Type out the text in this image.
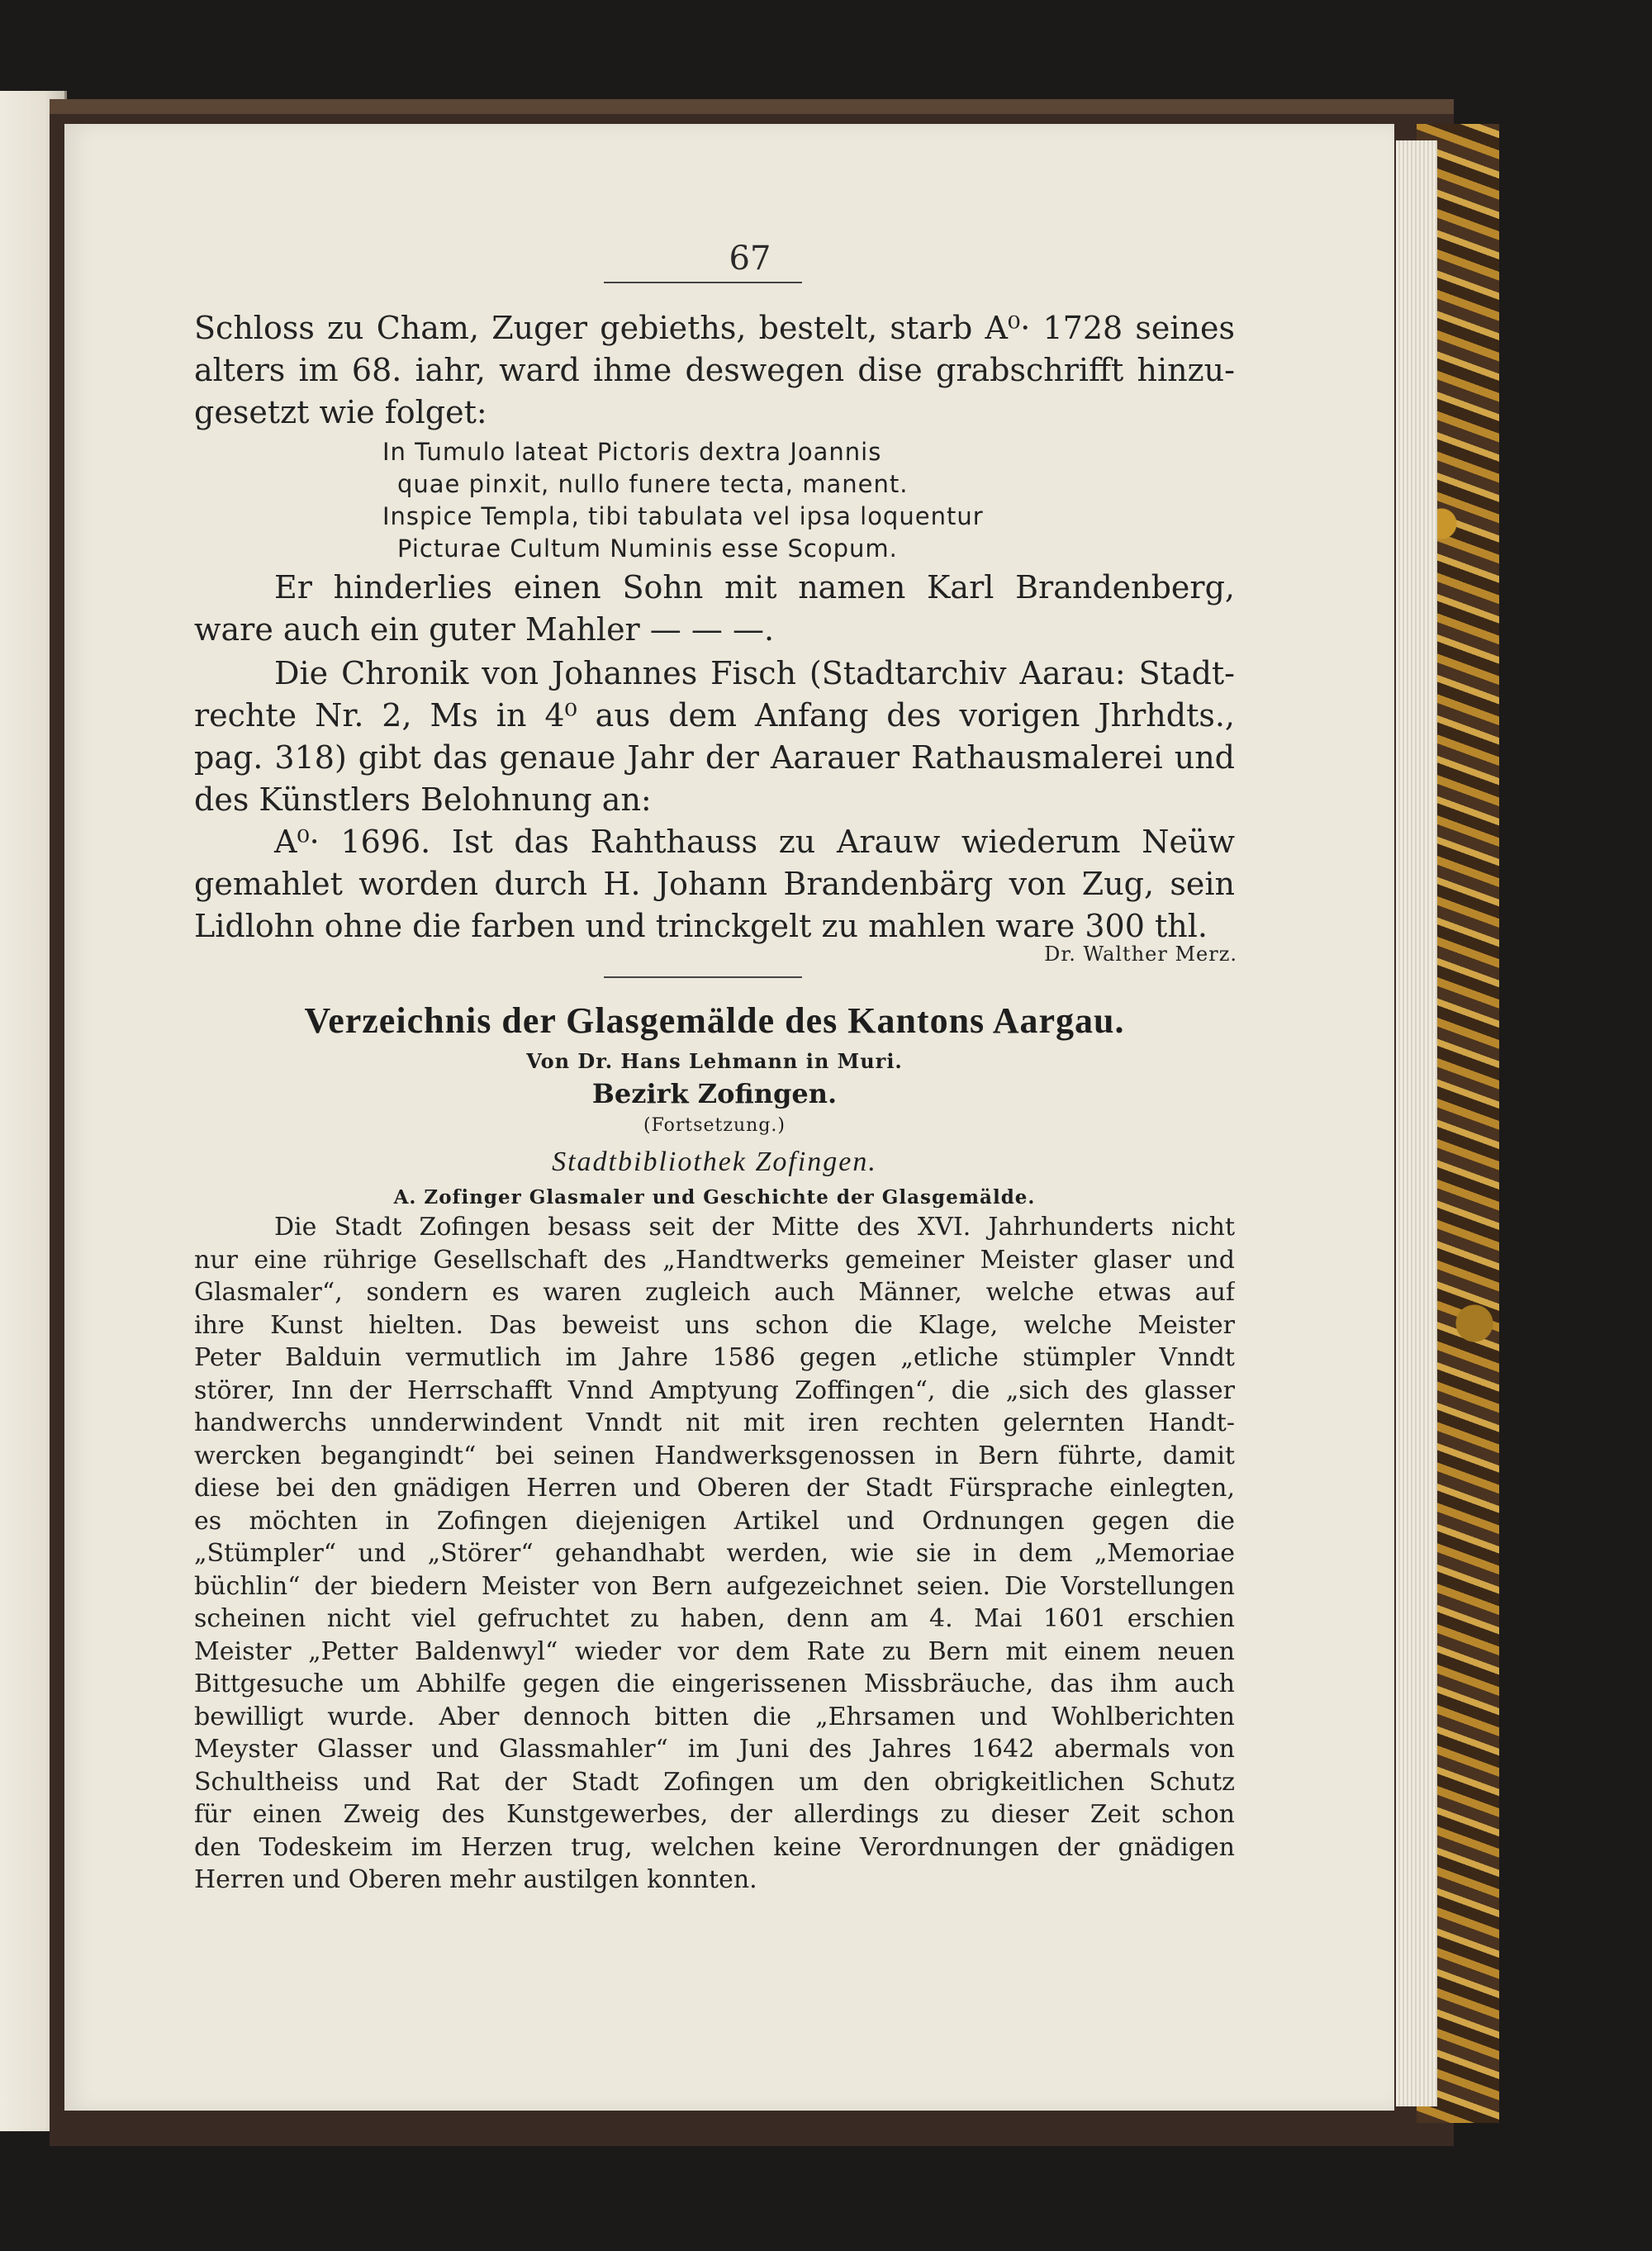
67
Schloss zu Cham, Zuger gebieths, bestelt, starb A⁰· 1728 seines
alters im 68. iahr, ward ihme deswegen dise grabschrifft hinzu-
gesetzt wie folget:
In Tumulo lateat Pictoris dextra Joannis
quae pinxit, nullo funere tecta, manent.
Inspice Templa, tibi tabulata vel ipsa loquentur
Picturae Cultum Numinis esse Scopum.
Er hinderlies einen Sohn mit namen Karl Brandenberg,
ware auch ein guter Mahler — — —.
Die Chronik von Johannes Fisch (Stadtarchiv Aarau: Stadt-
rechte Nr. 2, Ms in 4⁰ aus dem Anfang des vorigen Jhrhdts.,
pag. 318) gibt das genaue Jahr der Aarauer Rathausmalerei und
des Künstlers Belohnung an:
A⁰· 1696. Ist das Rahthauss zu Arauw wiederum Neüw
gemahlet worden durch H. Johann Brandenbärg von Zug, sein
Lidlohn ohne die farben und trinckgelt zu mahlen ware 300 thl.
Dr. Walther Merz.
Verzeichnis der Glasgemälde des Kantons Aargau.
Von Dr. Hans Lehmann in Muri.
Bezirk Zofingen.
(Fortsetzung.)
Stadtbibliothek Zofingen.
A. Zofinger Glasmaler und Geschichte der Glasgemälde.
Die Stadt Zofingen besass seit der Mitte des XVI. Jahrhunderts nicht
nur eine rührige Gesellschaft des „Handtwerks gemeiner Meister glaser und
Glasmaler“, sondern es waren zugleich auch Männer, welche etwas auf
ihre Kunst hielten. Das beweist uns schon die Klage, welche Meister
Peter Balduin vermutlich im Jahre 1586 gegen „etliche stümpler Vnndt
störer, Inn der Herrschafft Vnnd Amptyung Zoffingen“, die „sich des glasser
handwerchs unnderwindent Vnndt nit mit iren rechten gelernten Handt-
wercken begangindt“ bei seinen Handwerksgenossen in Bern führte, damit
diese bei den gnädigen Herren und Oberen der Stadt Fürsprache einlegten,
es möchten in Zofingen diejenigen Artikel und Ordnungen gegen die
„Stümpler“ und „Störer“ gehandhabt werden, wie sie in dem „Memoriae
büchlin“ der biedern Meister von Bern aufgezeichnet seien. Die Vorstellungen
scheinen nicht viel gefruchtet zu haben, denn am 4. Mai 1601 erschien
Meister „Petter Baldenwyl“ wieder vor dem Rate zu Bern mit einem neuen
Bittgesuche um Abhilfe gegen die eingerissenen Missbräuche, das ihm auch
bewilligt wurde. Aber dennoch bitten die „Ehrsamen und Wohlberichten
Meyster Glasser und Glassmahler“ im Juni des Jahres 1642 abermals von
Schultheiss und Rat der Stadt Zofingen um den obrigkeitlichen Schutz
für einen Zweig des Kunstgewerbes, der allerdings zu dieser Zeit schon
den Todeskeim im Herzen trug, welchen keine Verordnungen der gnädigen
Herren und Oberen mehr austilgen konnten.
